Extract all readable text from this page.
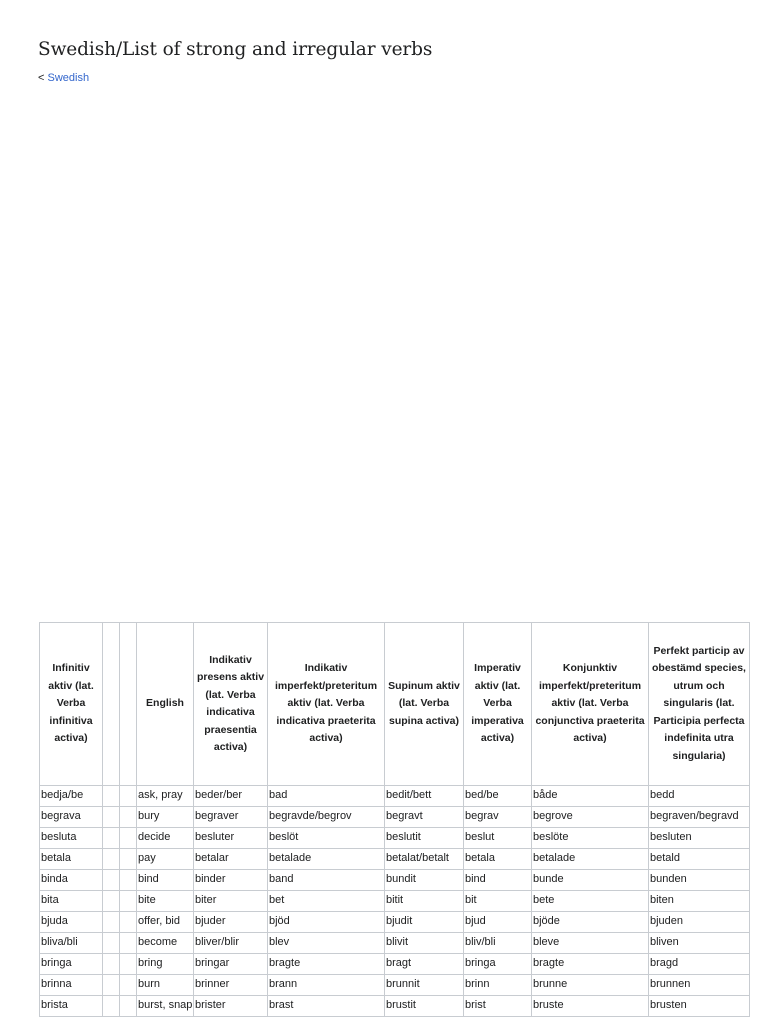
Swedish/List of strong and irregular verbs
< Swedish
Infinitiv aktiv (lat. Verba infinitiva activa)			English	Indikativ presens aktiv (lat. Verba indicativa praesentia activa)	Indikativ imperfekt/preteritum aktiv (lat. Verba indicativa praeterita activa)	Supinum aktiv (lat. Verba supina activa)	Imperativ aktiv (lat. Verba imperativa activa)	Konjunktiv imperfekt/preteritum aktiv (lat. Verba conjunctiva praeterita activa)	Perfekt particip av obestämd species, utrum och singularis (lat. Participia perfecta indefinita utra singularia)
bedja/be			ask, pray	beder/ber	bad	bedit/bett	bed/be	både	bedd
begrava			bury	begraver	begravde/begrov	begravt	begrav	begrove	begraven/begravd
besluta			decide	besluter	beslöt	beslutit	beslut	beslöte	besluten
betala			pay	betalar	betalade	betalat/betalt	betala	betalade	betald
binda			bind	binder	band	bundit	bind	bunde	bunden
bita			bite	biter	bet	bitit	bit	bete	biten
bjuda			offer, bid	bjuder	bjöd	bjudit	bjud	bjöde	bjuden
bliva/bli			become	bliver/blir	blev	blivit	bliv/bli	bleve	bliven
bringa			bring	bringar	bragte	bragt	bringa	bragte	bragd
brinna			burn	brinner	brann	brunnit	brinn	brunne	brunnen
brista			burst, snap	brister	brast	brustit	brist	bruste	brusten
